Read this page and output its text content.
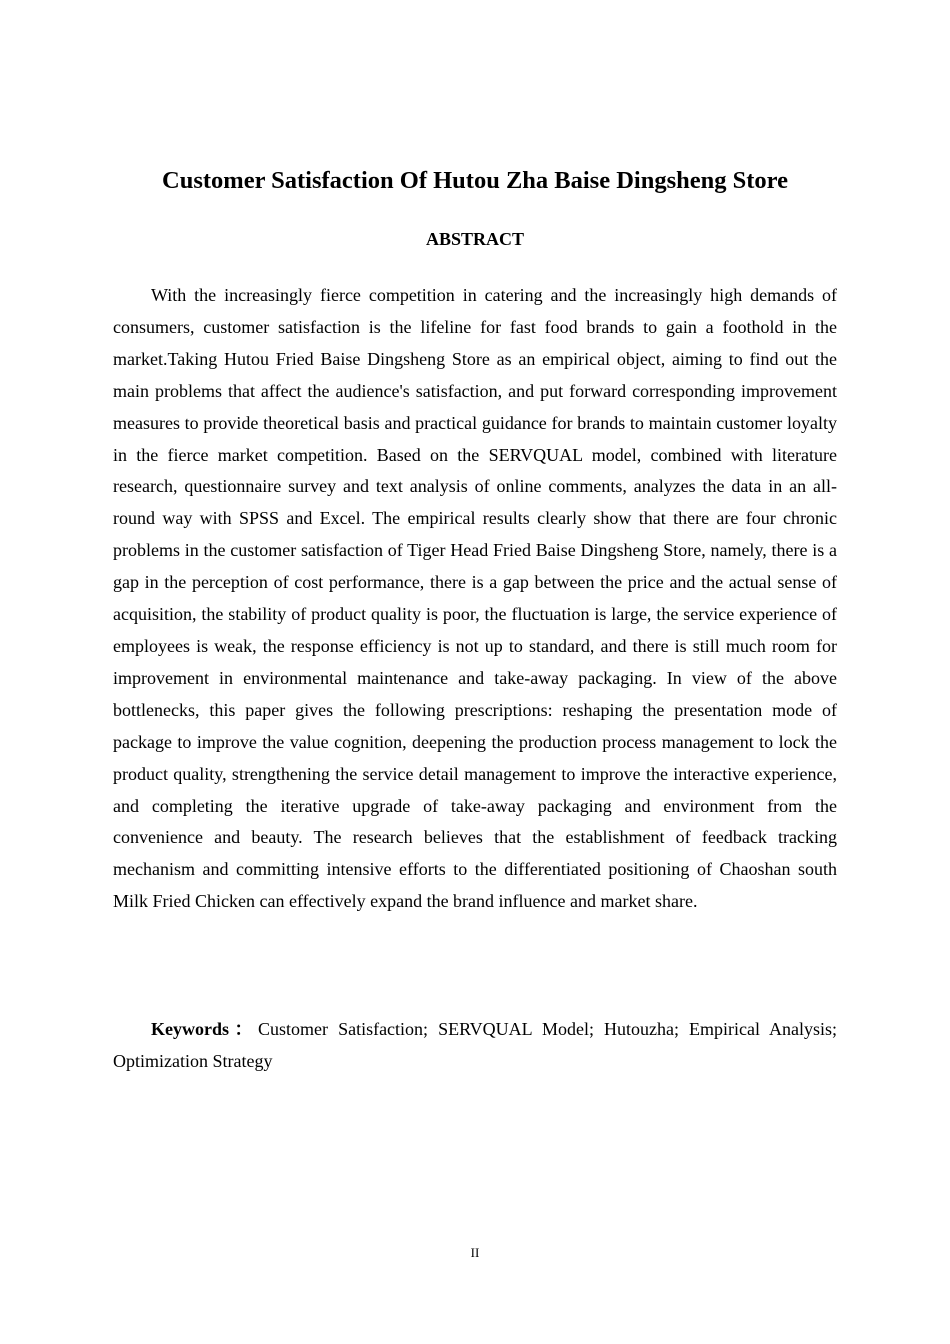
Customer Satisfaction Of Hutou Zha Baise Dingsheng Store
ABSTRACT

With the increasingly fierce competition in catering and the increasingly high demands of consumers, customer satisfaction is the lifeline for fast food brands to gain a foothold in the market.Taking Hutou Fried Baise Dingsheng Store as an empirical object, aiming to find out the main problems that affect the audience's satisfaction, and put forward corresponding improvement measures to provide theoretical basis and practical guidance for brands to maintain customer loyalty in the fierce market competition. Based on the SERVQUAL model, combined with literature research, questionnaire survey and text analysis of online comments, analyzes the data in an all-round way with SPSS and Excel. The empirical results clearly show that there are four chronic problems in the customer satisfaction of Tiger Head Fried Baise Dingsheng Store, namely, there is a gap in the perception of cost performance, there is a gap between the price and the actual sense of acquisition, the stability of product quality is poor, the fluctuation is large, the service experience of employees is weak, the response efficiency is not up to standard, and there is still much room for improvement in environmental maintenance and take-away packaging. In view of the above bottlenecks, this paper gives the following prescriptions: reshaping the presentation mode of package to improve the value cognition, deepening the production process management to lock the product quality, strengthening the service detail management to improve the interactive experience, and completing the iterative upgrade of take-away packaging and environment from the convenience and beauty. The research believes that the establishment of feedback tracking mechanism and committing intensive efforts to the differentiated positioning of Chaoshan south Milk Fried Chicken can effectively expand the brand influence and market share.

Keywords：Customer Satisfaction; SERVQUAL Model; Hutouzha; Empirical Analysis; Optimization Strategy

II
